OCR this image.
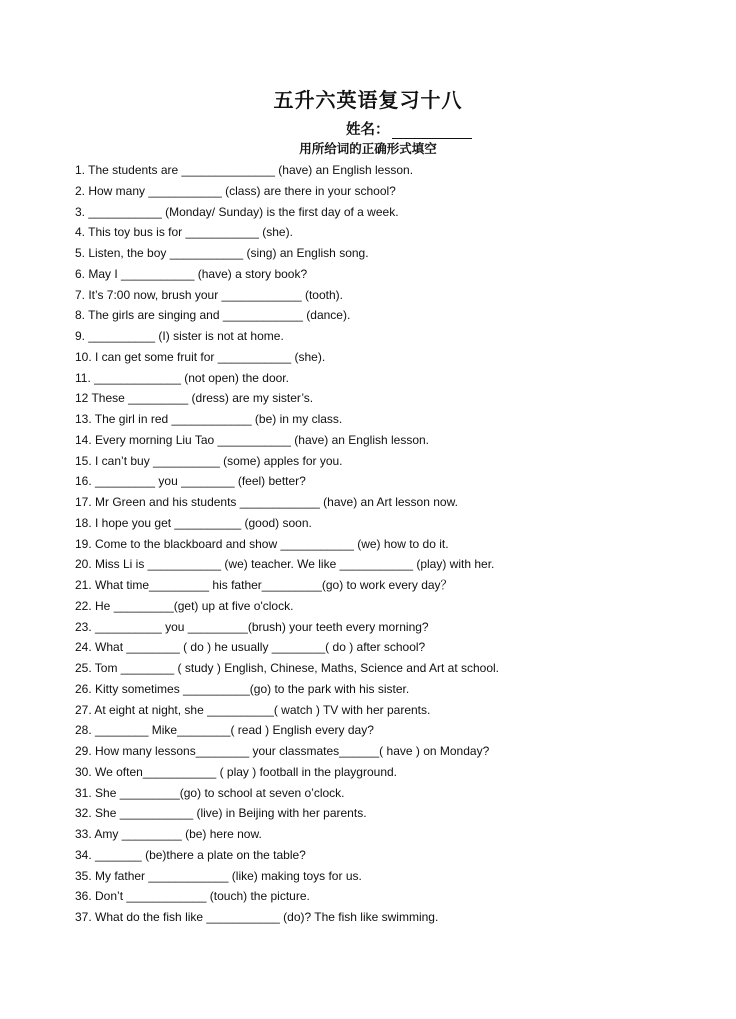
五升六英语复习十八
姓名：
用所给词的正确形式填空
1. The students are ______________ (have) an English lesson.
2. How many ___________ (class) are there in your school?
3. ___________ (Monday/ Sunday) is the first day of a week.
4. This toy bus is for ___________ (she).
5. Listen, the boy ___________ (sing) an English song.
6. May I ___________ (have) a story book?
7. It’s 7:00 now, brush your ____________ (tooth).
8. The girls are singing and ____________ (dance).
9. __________ (I) sister is not at home.
10. I can get some fruit for ___________ (she).
11. _____________ (not open) the door.
12 These _________ (dress) are my sister’s.
13. The girl in red ____________ (be) in my class.
14. Every morning Liu Tao ___________ (have) an English lesson.
15. I can’t buy __________ (some) apples for you.
16. _________ you ________ (feel) better?
17. Mr Green and his students ____________ (have) an Art lesson now.
18. I hope you get __________ (good) soon.
19. Come to the blackboard and show ___________ (we) how to do it.
20. Miss Li is ___________ (we) teacher. We like ___________ (play) with her.
21. What time_________ his father_________(go) to work every day？
22. He _________(get) up at five o'clock.
23. __________ you _________(brush) your teeth every morning?
24. What ________ ( do ) he usually ________( do ) after school?
25. Tom ________ ( study ) English, Chinese, Maths, Science and Art at school.
26. Kitty sometimes __________(go) to the park with his sister.
27. At eight at night, she __________( watch ) TV with her parents.
28. ________ Mike________( read ) English every day?
29. How many lessons________ your classmates______( have ) on Monday?
30. We often___________ ( play ) football in the playground.
31. She _________(go) to school at seven o’clock.
32. She ___________ (live) in Beijing with her parents.
33. Amy _________ (be) here now.
34. _______ (be)there a plate on the table?
35. My father ____________ (like) making toys for us.
36. Don’t ____________ (touch) the picture.
37. What do the fish like ___________ (do)? The fish like swimming.
